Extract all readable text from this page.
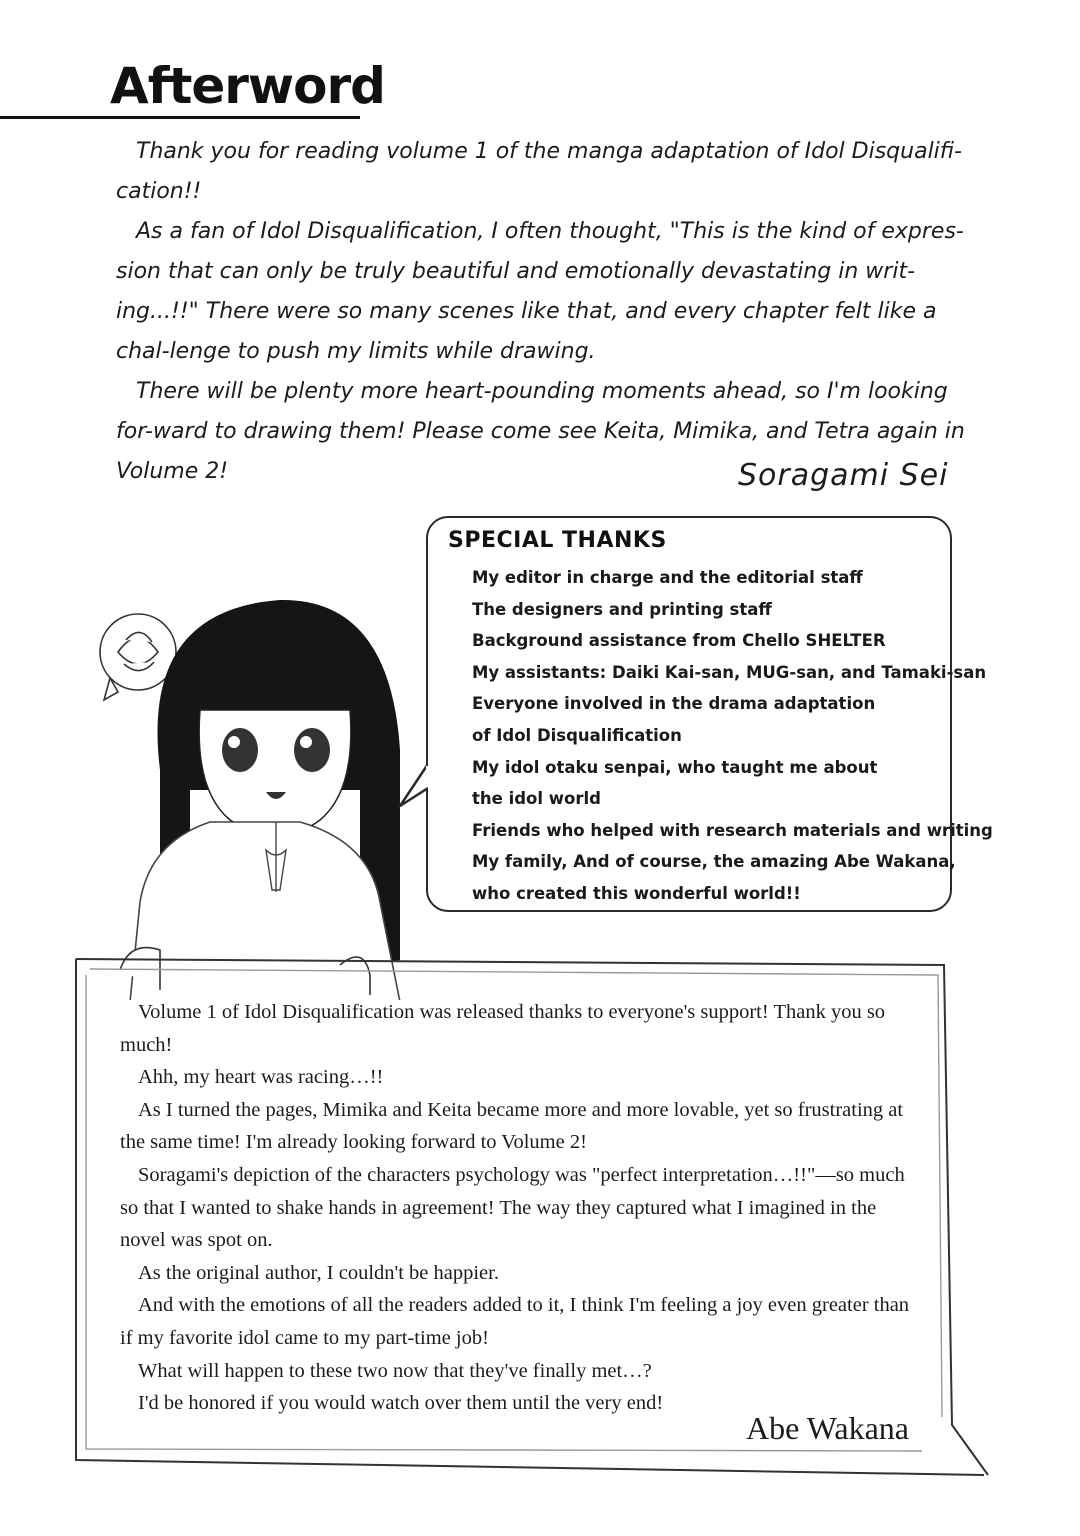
Afterword

Thank you for reading volume 1 of the manga adaptation of Idol Disqualifi-cation!!

As a fan of Idol Disqualification, I often thought, "This is the kind of expres-sion that can only be truly beautiful and emotionally devastating in writ-ing...!!" There were so many scenes like that, and every chapter felt like a chal-lenge to push my limits while drawing.

There will be plenty more heart-pounding moments ahead, so I'm looking for-ward to drawing them! Please come see Keita, Mimika, and Tetra again in Volume 2!	Soragami Sei
SPECIAL THANKS
My editor in charge and the editorial staff
The designers and printing staff
Background assistance from Chello SHELTER
My assistants: Daiki Kai-san, MUG-san, and Tamaki-san
Everyone involved in the drama adaptation
of Idol Disqualification
My idol otaku senpai, who taught me about
the idol world
Friends who helped with research materials and writing
My family, And of course, the amazing Abe Wakana,
who created this wonderful world!!

Volume 1 of Idol Disqualification was released thanks to everyone's support! Thank you so much!

Ahh, my heart was racing…!!

As I turned the pages, Mimika and Keita became more and more lovable, yet so frustrating at the same time! I'm already looking forward to Volume 2!

Soragami's depiction of the characters psychology was "perfect interpretation…!!"—so much so that I wanted to shake hands in agreement! The way they captured what I imagined in the novel was spot on.

As the original author, I couldn't be happier.

And with the emotions of all the readers added to it, I think I'm feeling a joy even greater than if my favorite idol came to my part-time job!

What will happen to these two now that they've finally met…?

I'd be honored if you would watch over them until the very end!

Abe Wakana
